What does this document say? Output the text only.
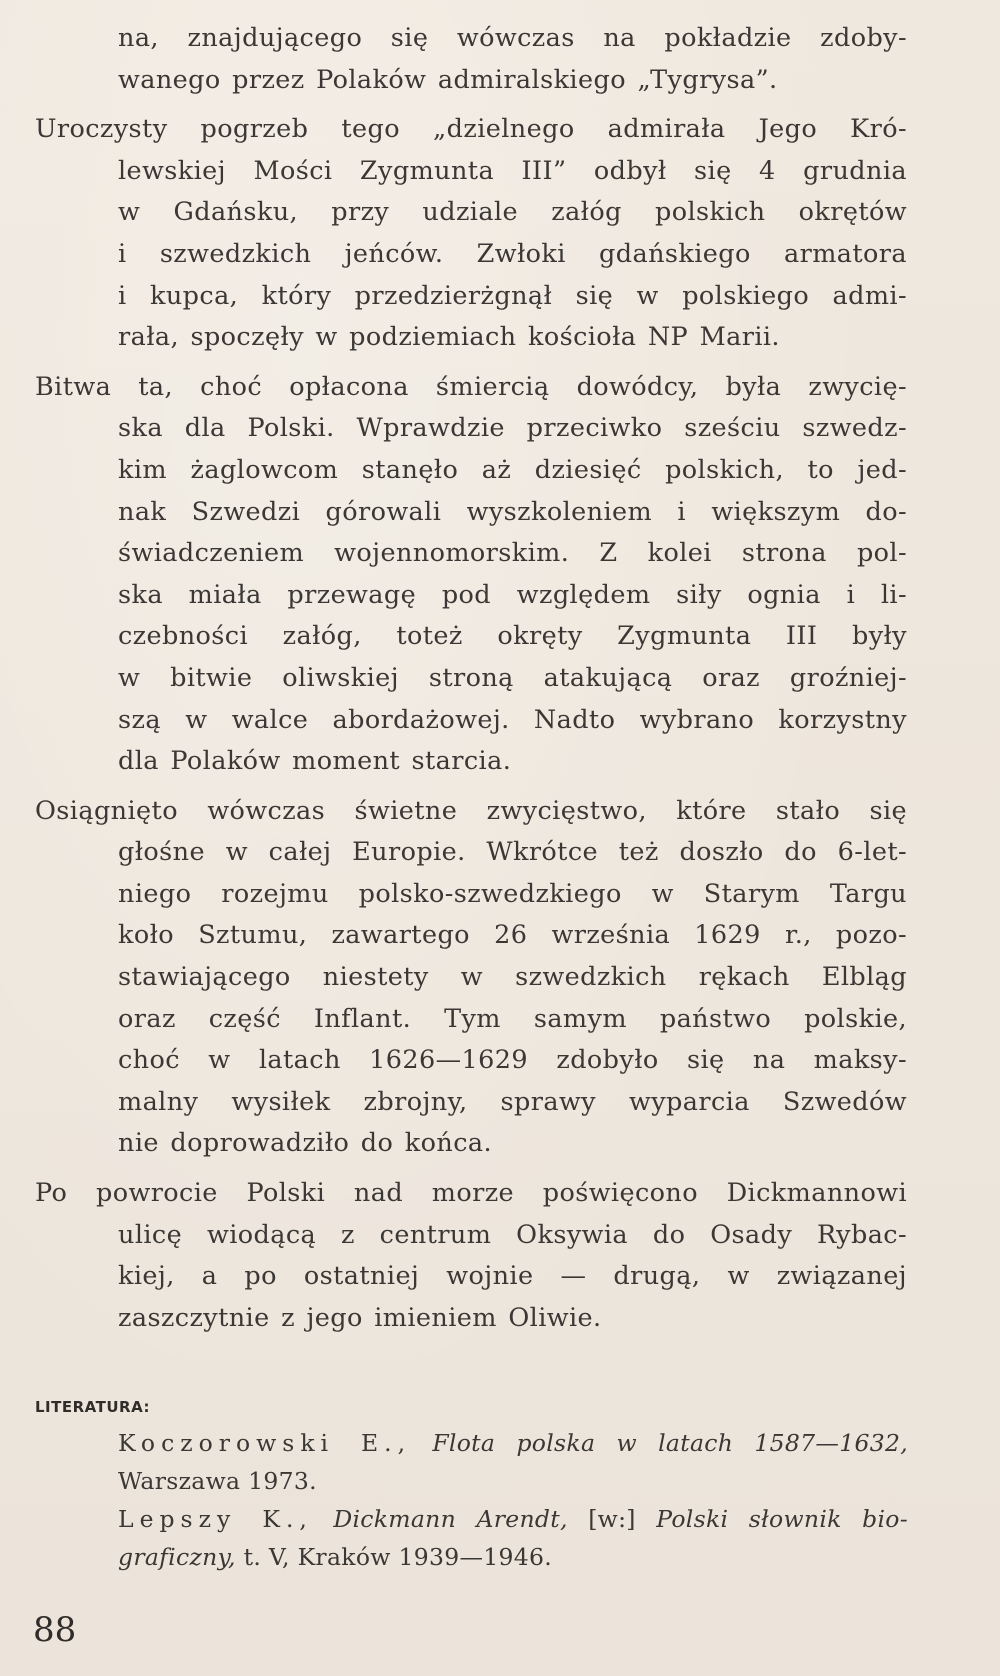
na, znajdującego się wówczas na pokładzie zdoby-
wanego przez Polaków admiralskiego „Tygrysa”.
Uroczysty pogrzeb tego „dzielnego admirała Jego Kró-
lewskiej Mości Zygmunta III” odbył się 4 grudnia
w Gdańsku, przy udziale załóg polskich okrętów
i szwedzkich jeńców. Zwłoki gdańskiego armatora
i kupca, który przedzierżgnął się w polskiego admi-
rała, spoczęły w podziemiach kościoła NP Marii.
Bitwa ta, choć opłacona śmiercią dowódcy, była zwycię-
ska dla Polski. Wprawdzie przeciwko sześciu szwedz-
kim żaglowcom stanęło aż dziesięć polskich, to jed-
nak Szwedzi górowali wyszkoleniem i większym do-
świadczeniem wojennomorskim. Z kolei strona pol-
ska miała przewagę pod względem siły ognia i li-
czebności załóg, toteż okręty Zygmunta III były
w bitwie oliwskiej stroną atakującą oraz groźniej-
szą w walce abordażowej. Nadto wybrano korzystny
dla Polaków moment starcia.
Osiągnięto wówczas świetne zwycięstwo, które stało się
głośne w całej Europie. Wkrótce też doszło do 6-let-
niego rozejmu polsko-szwedzkiego w Starym Targu
koło Sztumu, zawartego 26 września 1629 r., pozo-
stawiającego niestety w szwedzkich rękach Elbląg
oraz część Inflant. Tym samym państwo polskie,
choć w latach 1626—1629 zdobyło się na maksy-
malny wysiłek zbrojny, sprawy wyparcia Szwedów
nie doprowadziło do końca.
Po powrocie Polski nad morze poświęcono Dickmannowi
ulicę wiodącą z centrum Oksywia do Osady Rybac-
kiej, a po ostatniej wojnie — drugą, w związanej
zaszczytnie z jego imieniem Oliwie.
LITERATURA:
Koczorowski E., Flota polska w latach 1587—1632,
Warszawa 1973.
Lepszy K., Dickmann Arendt, [w:] Polski słownik bio-
graficzny, t. V, Kraków 1939—1946.
88
